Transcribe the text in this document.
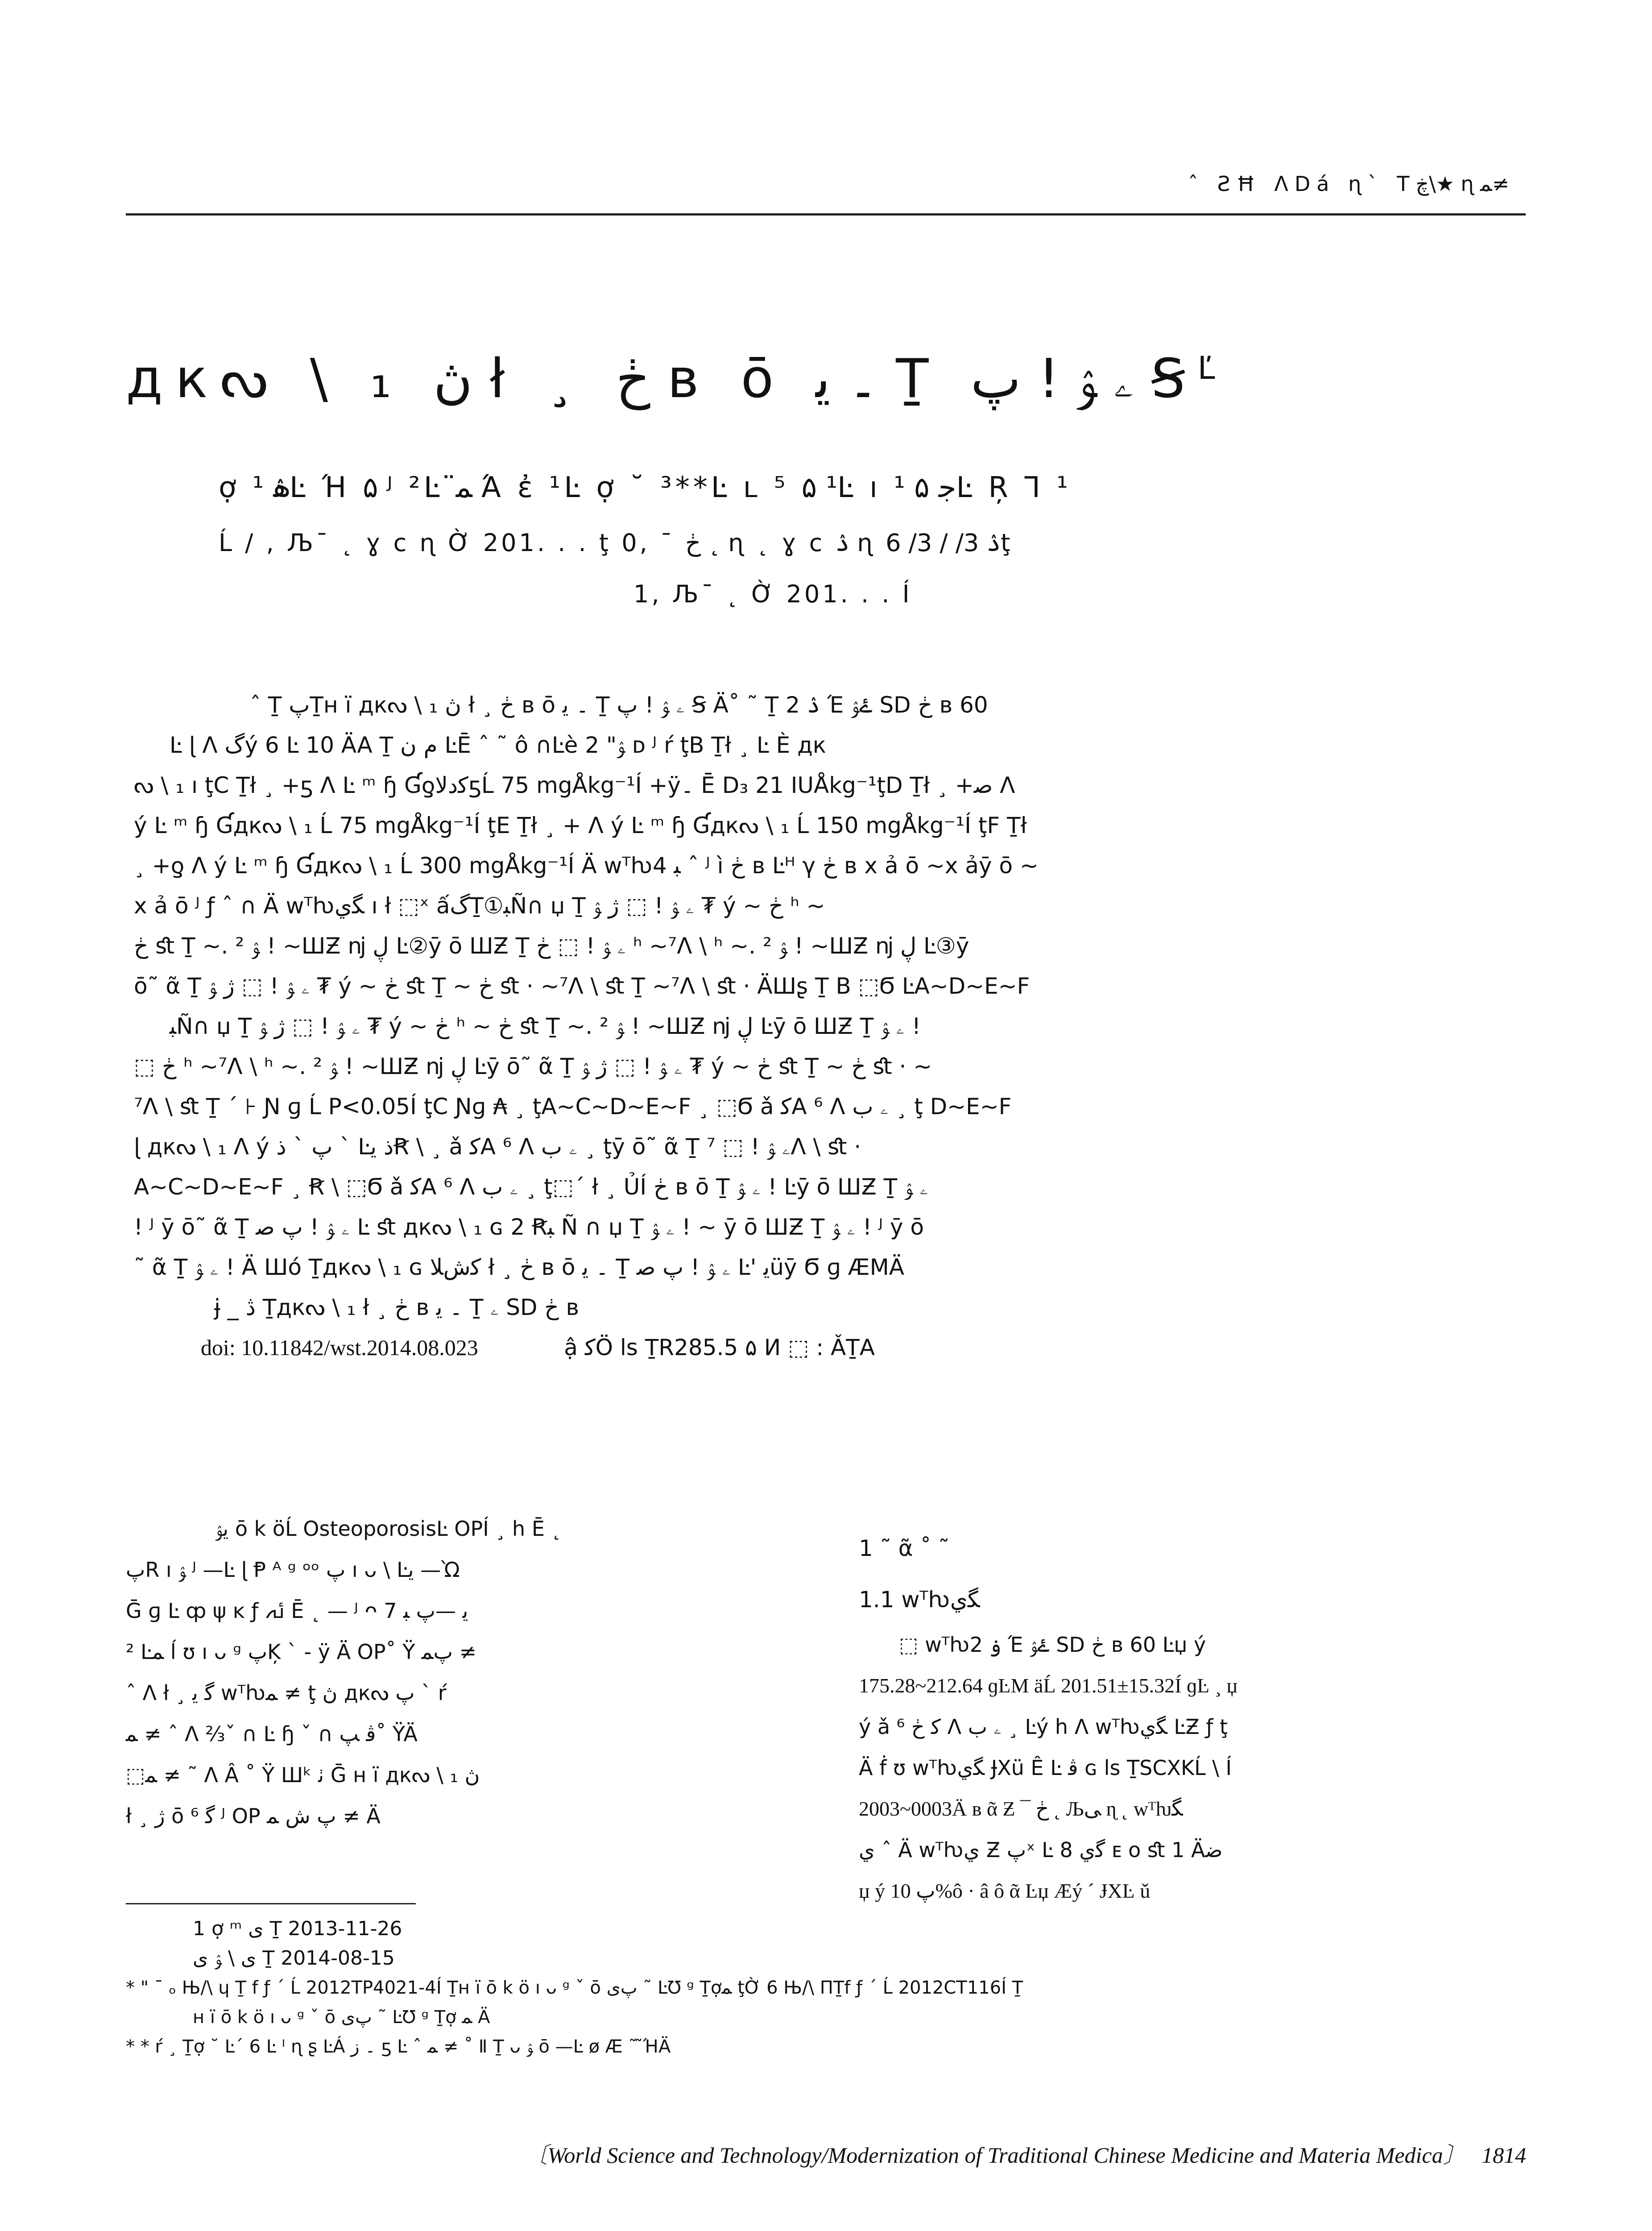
ˆ ƧĦ ɅDá ɳ` Tڿ\★ ɳﻤ≠
дкᔓ \ ₁ ڽ ł ¸ ڂ в ō ۔ ﻳ Ṯ ۦ ﯣ ! ﭖ Ꞩ$^Ľ$
ợ ۿ ¹Ŀ Ή ۵ ᴶ ²Ŀ ﻤ̈ Ά ἐ ¹Ŀ ợ ˘ ³**Ŀ ʟ ⁵ ۵ ¹Ŀ ı ﺟ ۵ ¹Ŀ Ŗ Ꞁ ¹
Ĺ / , Љ¯ ˛ ɣ c ɳ Ờ 201. . . ţ 0, ¯ ڂ ˛ ɳ ˛ ɣ c ۮ ɳ ۮ 3/ / 3/ 6ţ
1, Љ¯ ˛ Ờ 201. . . Í
ˆ Ṯ ﭖṮн ï дкᔓ \ ₁ ڽ ł ¸ ڂ в ō ۔ ﻳ Ṯ ۦ ﯣ ! ﭖ Ꞩ Ä˚ ˜ Ṯ ۮ 2 Έ ۓﯣ SD ڂ в 60
Ŀ ɭ Ʌ ﮒý 6 Ŀ 10 ÄA Ṯ ﻡ ن ĿĒ ˆ ˜ ô ∩Ŀè ﯣ" 2 ᴅ ᴶ ŕ ţB Ṯł ¸ Ŀ È дк
ᔓ \ ₁ ı ţC Ṯł ¸ +ƽ Ʌ Ŀ ᵐ ɧ ƓƍﮐﺩﻻƽĹ 75 mgÅkg⁻¹Í +ÿ۔ Ē D₃ 21 IUÅkg⁻¹ţD Ṯł ¸ +ﺻ Ʌ
ý Ŀ ᵐ ɧ Ɠдкᔓ \ ₁ Ĺ 75 mgÅkg⁻¹Í ţE Ṯł ¸ + Ʌ ý Ŀ ᵐ ɧ Ɠдкᔓ \ ₁ Ĺ 150 mgÅkg⁻¹Í ţF Ṯł
¸ +ƍ Ʌ ý Ŀ ᵐ ɧ Ɠдкᔓ \ ₁ Ĺ 300 mgÅkg⁻¹Í Ä wᵀƕﺒ 4 ˆ ᴶ ì ڂ в Ŀᴴ γ ڂ в x ả ō ~x ảȳ ō ~
x ả ō ᴶ ƒ ˆ ∩ Ä wᵀƕﮕﻱ ı ł ⬚ˣ ấﮒṮ①ﺒÑ∩ џ Ṯ ۦ ﯣ ! ⬚ ﮊ ﯣ ₮ ý ~ ڂ ʰ ~
ڂ ﬆ Ṯ ~. ﯣ ² ! ~ШƵ ǌ ڸ Ŀ②ȳ ō ШƵ Ṯ ۦ ﯣ ! ⬚ ڂ ʰ ~⁷Ʌ \ ʰ ~. ﯣ ² ! ~ШƵ ǌ ڸ Ŀ③ȳ
ō˜ ᾶ Ṯ ۦ ﯣ ! ⬚ ﮊ ﯣ ₮ ý ~ ڂ ﬆ Ṯ ~ ڂ ﬆ · ~⁷Ʌ \ ﬆ Ṯ ~⁷Ʌ \ ﬆ · ÄШʂ Ṯ B ⬚Ϭ ĿA~D~E~F
ﺒÑ∩ џ Ṯ ۦ ﯣ ! ⬚ ﮊ ﯣ ₮ ý ~ ڂ ʰ ~ ڂ ﬆ Ṯ ~. ﯣ ² ! ~ШƵ ǌ ڸ Ŀȳ ō ШƵ Ṯ ۦ ﯣ !
⬚ ڂ ʰ ~⁷Ʌ \ ʰ ~. ﯣ ² ! ~ШƵ ǌ ڸ Ŀȳ ō˜ ᾶ Ṯ ۦ ﯣ ! ⬚ ﮊ ﯣ ₮ ý ~ ڂ ﬆ Ṯ ~ ڂ ﬆ · ~
⁷Ʌ \ ﬆ Ṯ ˊ ⊦ Ɲ ɡ Ĺ P<0.05Í ţC Ɲɡ ₳ ¸ ţA~C~D~E~F ¸ ⬚Ϭ ǎ ﮐA ⁶ Ʌ ۦ ﺏ ¸ ţ D~E~F
ɭ дкᔓ \ ₁ Ʌ ý ﭖ ˋ ﺫ ˋ Ŀﺫ ﻳꞦ \ ¸ ǎ ﮐA ⁶ Ʌ ۦ ﺏ ¸ ţȳ ō˜ ᾶ Ṯ ۦ ﯣ ! ⬚ ⁷Ʌ \ ﬆ ·
A~C~D~E~F ¸ Ꞧ \ ⬚Ϭ ǎ ﮐA ⁶ Ʌ ۦ ﺏ ¸ ţ⬚ˊ ł ¸ ỦÍ ڂ в ō Ṯ ۦ ﯣ ! Ŀȳ ō ШƵ Ṯ ۦ ﯣ
! ᴶ ȳ ō˜ ᾶ Ṯ ۦ ﯣ ! ﭖ ﺻ Ŀ ﬆ дкᔓ \ ₁ ɢ 2 Ꞧﺒ Ñ ∩ џ Ṯ ۦ ﯣ ! ~ ȳ ō ШƵ Ṯ ۦ ﯣ ! ᴶ ȳ ō
˜ ᾶ Ṯ ۦ ﯣ ! Ä Шó Ṯдкᔓ \ ₁ ɢ ﮐﺵﻼ ł ¸ ڂ в ō ۔ ﻳ Ṯ ۦ ﯣ ! ﭖ ﺻ Ŀ' ﻳüȳ Ϭ ɡ ÆMÄ
ɉ _ ڎ Ṯдкᔓ \ ₁ ł ¸ ڂ в ۔ ﻳ Ṯ ۦ SD ڂ в
doi: 10.11842/wst.2014.08.023	ậ ﮐÖ ls ṮR285.5 ۵ И ⬚ : ǍṮA
ﻳﯣ ō k öĹ OsteoporosisĿ OPÍ ¸ h Ē ˛
ﭖR ı ﯣ ᴶ —Ŀ ɭ Ᵽ ᴬ ᵍ ᵒᵒ ﭖ ı ᴗ \ Ŀﻳ —Ὼ
Ḡ ɡ Ŀ ȹ ψ ĸ ƒ ﯬ Ē ˛ — ᴶ ᴖ ﻳ —ﭖ ﺒ 7
² Ŀﻤ ĺ ʊ ı ᴗ ᵍ ﭖĶ ˋ - ÿ Ä OP˚ Ÿ ﭖﻤ ≠
ˆ Ʌ ł ¸ ﮔ ﻳ wᵀƕﻤ ≠ ţ ڽ дкᔓ ﭖ ` ŕ
ﻤ ≠ ˆ Ʌ ⅔ˇ ∩ Ŀ ɧ ˇ ∩ ﭬ ﭗ˚ ŸÄ
⬚ﻤ ≠ ˜ Ʌ Â ˚ Ÿ Шᵏ ﭠ Ḡ н ï дкᔓ \ ₁ ڽ
ł ¸ ﮊ ō ﮔ ⁶ ᴶ OP ﭖ ﺵ ﻤ ≠ Ä
1 ˜ ᾶ ˚ ˜
1.1 wᵀƕﮕﻱ
⬚ wᵀƕۏ 2 Έ ۓﯣ SD ڂ в 60 Ŀџ ý
175.28~212.64 ɡĿM äĹ 201.51±15.32Í ɡĿ ¸ џ
ý ǎ ﮐ ڂ ⁶ Ʌ ۦ ﺏ ¸ Ŀý h Ʌ wᵀƕﮕﻱ ĿƵ ƒ ţ
Ä ḟ ʊ wᵀƕﮕﻱ ɈXü Ê Ŀ ﭬ ɢ ls ṮSCXKĹ \ Í
2003~0003Ä в ᾶ Ƶ ¯ ڂ ˛ Љﻰ ɳ ˛ wᵀƕﮕ
ﻱ ˆ Ä wᵀƕﻱ Ƶ ﭖˣ Ŀ ﮔﻱ 8 ᴇ o ﬆ 1 Äﺿ
џ ý ﭖ 10%ô · â ô ᾶ Ŀџ Æý ˊ ɈXĿ ǔ
1 ợ ᵐ ﻯ Ṯ 2013-11-26
ﻯ \ ﯣ ﻯ Ṯ 2014-08-15
* " ¯ ₒ Њ/\ ɥ Ṯ f ƒ ˊ Ĺ 2012TP4021-4Í Ṯн ï ō k ö ı ᴗ ᵍ ˇ ō ﭖﻯ ˜ ĿƱ ᵍ Ṯợﻤ ţỜ 6 Њ/\ ПṮf ƒ ˊ Ĺ 2012CT116Í Ṯ
н ï ō k ö ı ᴗ ᵍ ˇ ō ﭖﻯ ˜ ĿƱ ᵍ Ṯợ ﻤ Ä
* * ŕ ¸ Ṯợ ˘ Ŀˊ 6 Ŀ ᴵ ɳ ʂ ĿÁ ۔ ﺯ ƽ Ŀ ˆ ﻤ ≠ ˚ Ⅱ Ṯ ᴗ ﯣ ō —Ŀ ø Æ ˜ ̃ΉÄ
〔World Science and Technology/Modernization of Traditional Chinese Medicine and Materia Medica〕 1814
